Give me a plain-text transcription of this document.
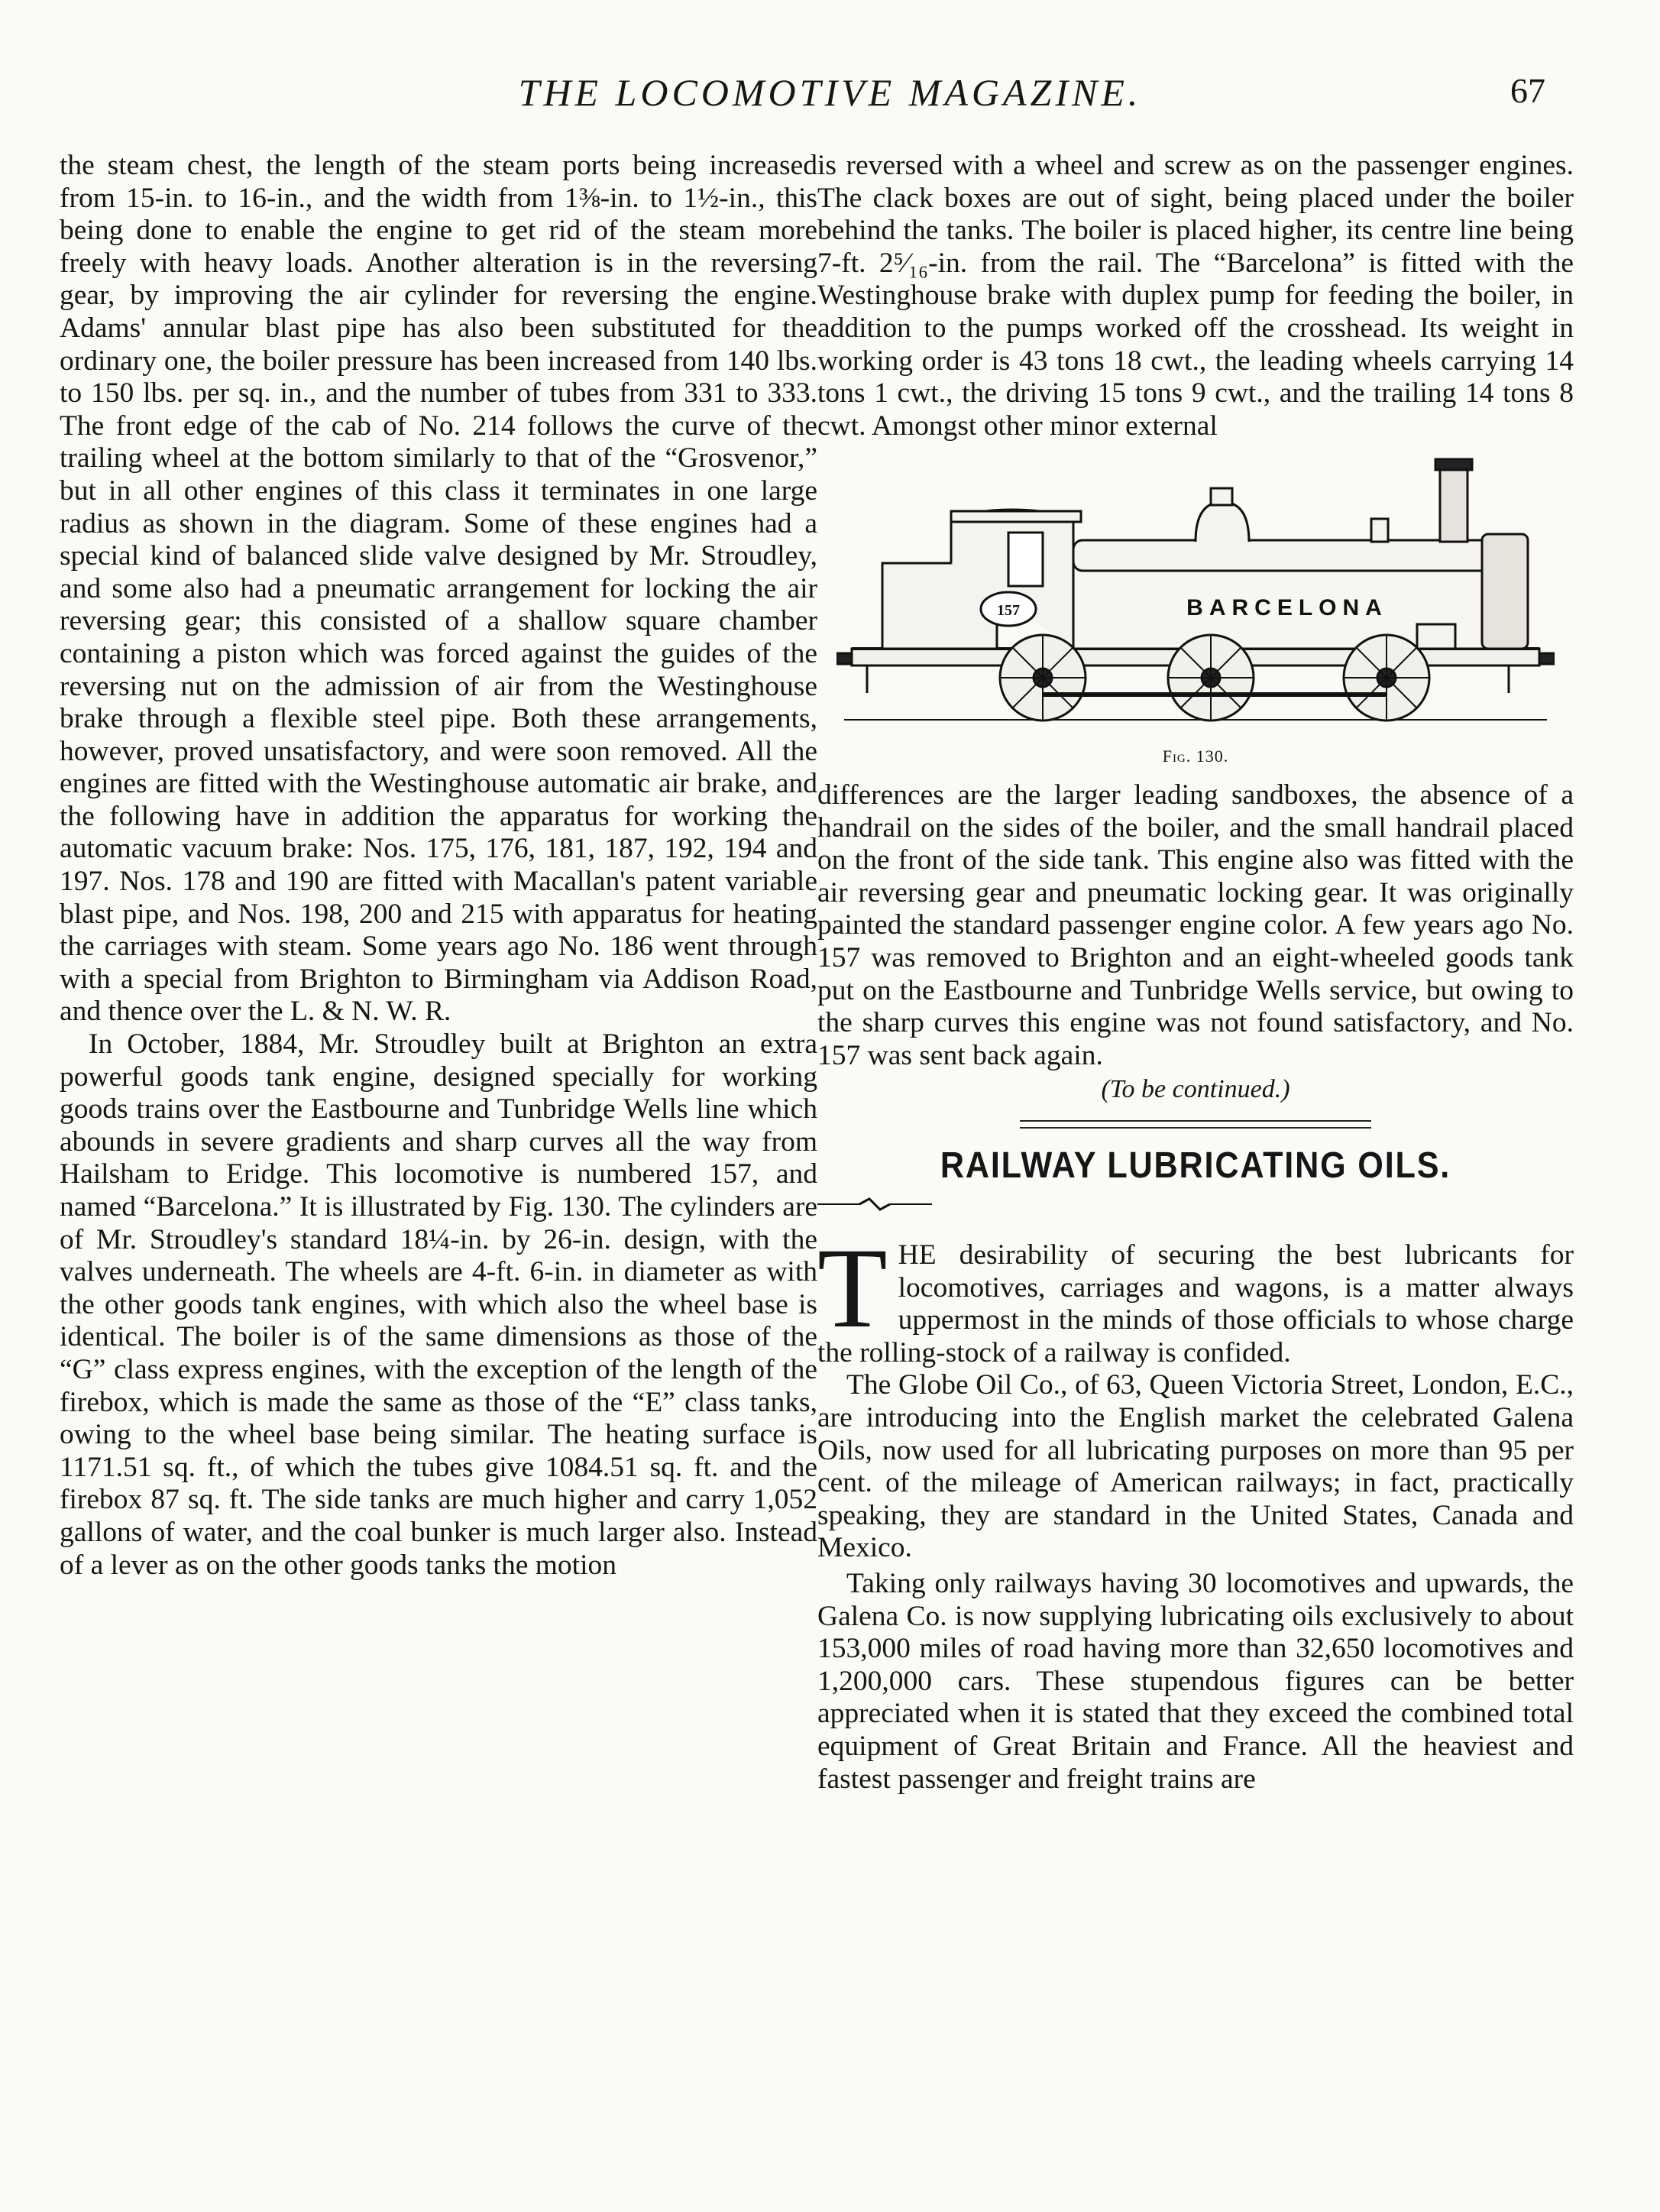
THE LOCOMOTIVE MAGAZINE.	67

the steam chest, the length of the steam ports being increased from 15-in. to 16-in., and the width from 1⅜-in. to 1½-in., this being done to enable the engine to get rid of the steam more freely with heavy loads. Another alteration is in the reversing gear, by improving the air cylinder for reversing the engine. Adams' annular blast pipe has also been substituted for the ordinary one, the boiler pressure has been increased from 140 lbs. to 150 lbs. per sq. in., and the number of tubes from 331 to 333. The front edge of the cab of No. 214 follows the curve of the trailing wheel at the bottom similarly to that of the “Grosvenor,” but in all other engines of this class it terminates in one large radius as shown in the diagram. Some of these engines had a special kind of balanced slide valve designed by Mr. Stroudley, and some also had a pneumatic arrangement for locking the air reversing gear; this consisted of a shallow square chamber containing a piston which was forced against the guides of the reversing nut on the admission of air from the Westinghouse brake through a flexible steel pipe. Both these arrangements, however, proved unsatisfactory, and were soon removed. All the engines are fitted with the Westinghouse automatic air brake, and the following have in addition the apparatus for working the automatic vacuum brake: Nos. 175, 176, 181, 187, 192, 194 and 197. Nos. 178 and 190 are fitted with Macallan's patent variable blast pipe, and Nos. 198, 200 and 215 with apparatus for heating the carriages with steam. Some years ago No. 186 went through with a special from Brighton to Birmingham via Addison Road, and thence over the L. & N. W. R.

In October, 1884, Mr. Stroudley built at Brighton an extra powerful goods tank engine, designed specially for working goods trains over the Eastbourne and Tunbridge Wells line which abounds in severe gradients and sharp curves all the way from Hailsham to Eridge. This locomotive is numbered 157, and named “Barcelona.” It is illustrated by Fig. 130. The cylinders are of Mr. Stroudley's standard 18¼-in. by 26-in. design, with the valves underneath. The wheels are 4-ft. 6-in. in diameter as with the other goods tank engines, with which also the wheel base is identical. The boiler is of the same dimensions as those of the “G” class express engines, with the exception of the length of the firebox, which is made the same as those of the “E” class tanks, owing to the wheel base being similar. The heating surface is 1171.51 sq. ft., of which the tubes give 1084.51 sq. ft. and the firebox 87 sq. ft. The side tanks are much higher and carry 1,052 gallons of water, and the coal bunker is much larger also. Instead of a lever as on the other goods tanks the motion

is reversed with a wheel and screw as on the passenger engines. The clack boxes are out of sight, being placed under the boiler behind the tanks. The boiler is placed higher, its centre line being 7-ft. 2⁵⁄₁₆-in. from the rail. The “Barcelona” is fitted with the Westinghouse brake with duplex pump for feeding the boiler, in addition to the pumps worked off the crosshead. Its weight in working order is 43 tons 18 cwt., the leading wheels carrying 14 tons 1 cwt., the driving 15 tons 9 cwt., and the trailing 14 tons 8 cwt. Amongst other minor external

BARCELONA
157
Fig. 130.

differences are the larger leading sandboxes, the absence of a handrail on the sides of the boiler, and the small handrail placed on the front of the side tank. This engine also was fitted with the air reversing gear and pneumatic locking gear. It was originally painted the standard passenger engine color. A few years ago No. 157 was removed to Brighton and an eight-wheeled goods tank put on the Eastbourne and Tunbridge Wells service, but owing to the sharp curves this engine was not found satisfactory, and No. 157 was sent back again.

(To be continued.)
RAILWAY LUBRICATING OILS.

THE desirability of securing the best lubricants for locomotives, carriages and wagons, is a matter always uppermost in the minds of those officials to whose charge the rolling-stock of a railway is confided.

The Globe Oil Co., of 63, Queen Victoria Street, London, E.C., are introducing into the English market the celebrated Galena Oils, now used for all lubricating purposes on more than 95 per cent. of the mileage of American railways; in fact, practically speaking, they are standard in the United States, Canada and Mexico.

Taking only railways having 30 locomotives and upwards, the Galena Co. is now supplying lubricating oils exclusively to about 153,000 miles of road having more than 32,650 locomotives and 1,200,000 cars. These stupendous figures can be better appreciated when it is stated that they exceed the combined total equipment of Great Britain and France. All the heaviest and fastest passenger and freight trains are
